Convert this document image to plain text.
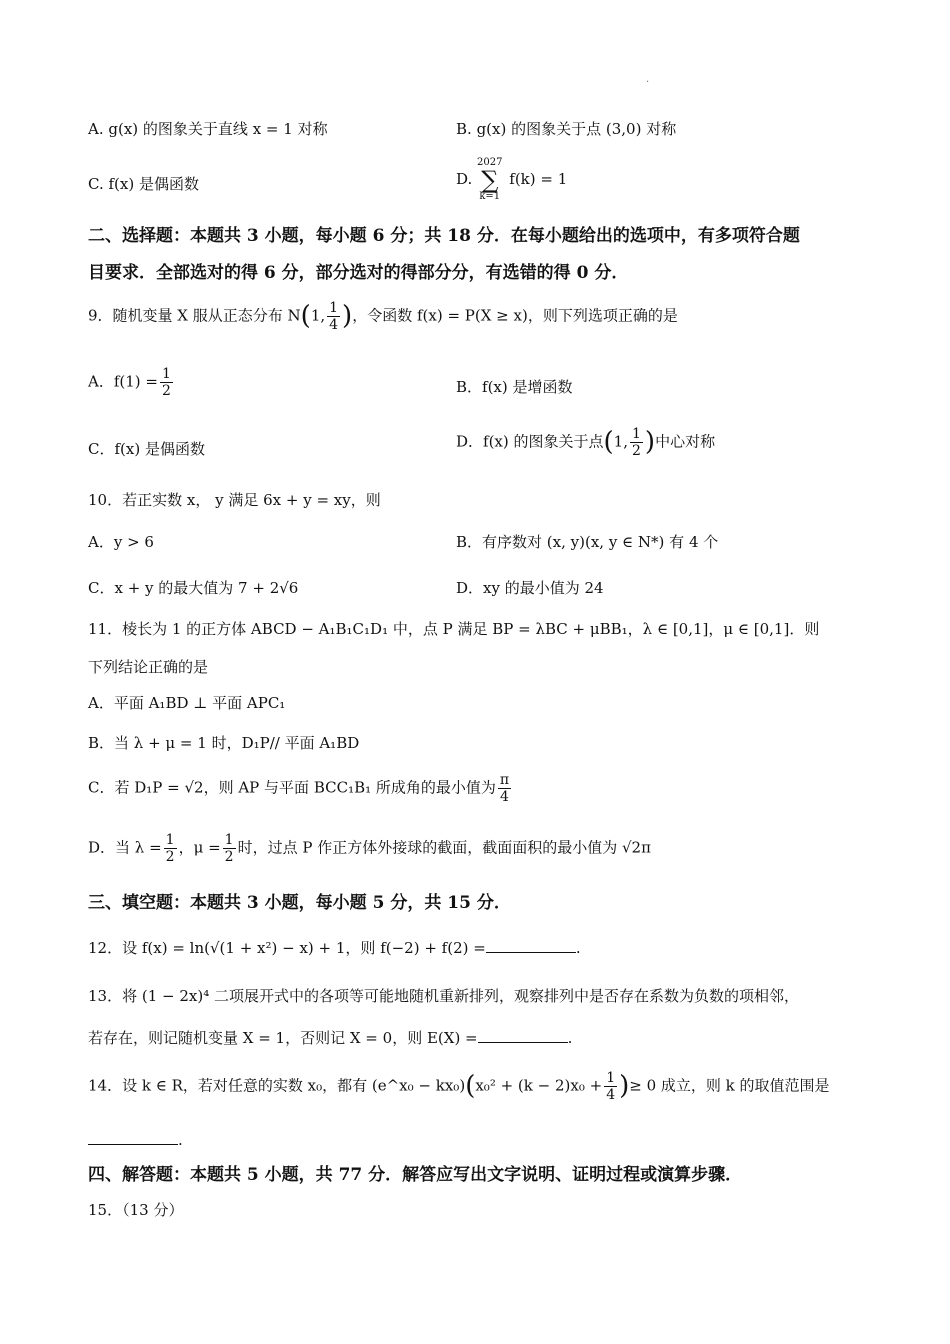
.
A. g(x) 的图象关于直线 x = 1 对称	B. g(x) 的图象关于点 (3,0) 对称
C. f(x) 是偶函数	D. 2027
∑
k=1 f(k) = 1
二、选择题：本题共 3 小题，每小题 6 分；共 18 分．在每小题给出的选项中，有多项符合题
目要求．全部选对的得 6 分，部分选对的得部分分，有选错的得 0 分．
9．随机变量 X 服从正态分布 N(1, $\frac{1}{4}$ )，令函数 f(x) = P(X ≥ x)，则下列选项正确的是
A．$f(1) = \frac{1}{2}$	B．f(x) 是增函数
C．f(x) 是偶函数	D．f(x) 的图象关于点(1, $\frac{1}{2}$ )中心对称
10．若正实数 x， y 满足 6x + y = xy，则
A．y > 6	B．有序数对 (x, y)(x, y ∈ N*) 有 4 个
C．x + y 的最大值为 7 + 2√6	D．xy 的最小值为 24
11．棱长为 1 的正方体 ABCD − A₁B₁C₁D₁ 中，点 P 满足 BP = λBC + μBB₁，λ ∈ [0,1]，μ ∈ [0,1]．则
下列结论正确的是
A．平面 A₁BD ⊥ 平面 APC₁
B．当 λ + μ = 1 时，D₁P// 平面 A₁BD
C．若 D₁P = √2，则 AP 与平面 BCC₁B₁ 所成角的最小值为 $\frac{\pi}{4}$
D．当 $\lambda = \frac{1}{2}$ ，$\mu = \frac{1}{2}$ 时，过点 P 作正方体外接球的截面，截面面积的最小值为 √2π
三、填空题：本题共 3 小题，每小题 5 分，共 15 分．
12．设 f(x) = ln(√(1 + x²) − x) + 1，则 f(−2) + f(2) =	.
13．将 (1 − 2x)⁴ 二项展开式中的各项等可能地随机重新排列，观察排列中是否存在系数为负数的项相邻，
若存在，则记随机变量 X = 1，否则记 X = 0，则 E(X) =	.
14．设 k ∈ R，若对任意的实数 x₀，都有 (e^x₀ − $kx_0)(x_0^2 + (k - 2)x_0 + \frac{1}{4}$ )≥ 0 成立，则 k 的取值范围是
.
四、解答题：本题共 5 小题，共 77 分．解答应写出文字说明、证明过程或演算步骤．
15．（13 分）
